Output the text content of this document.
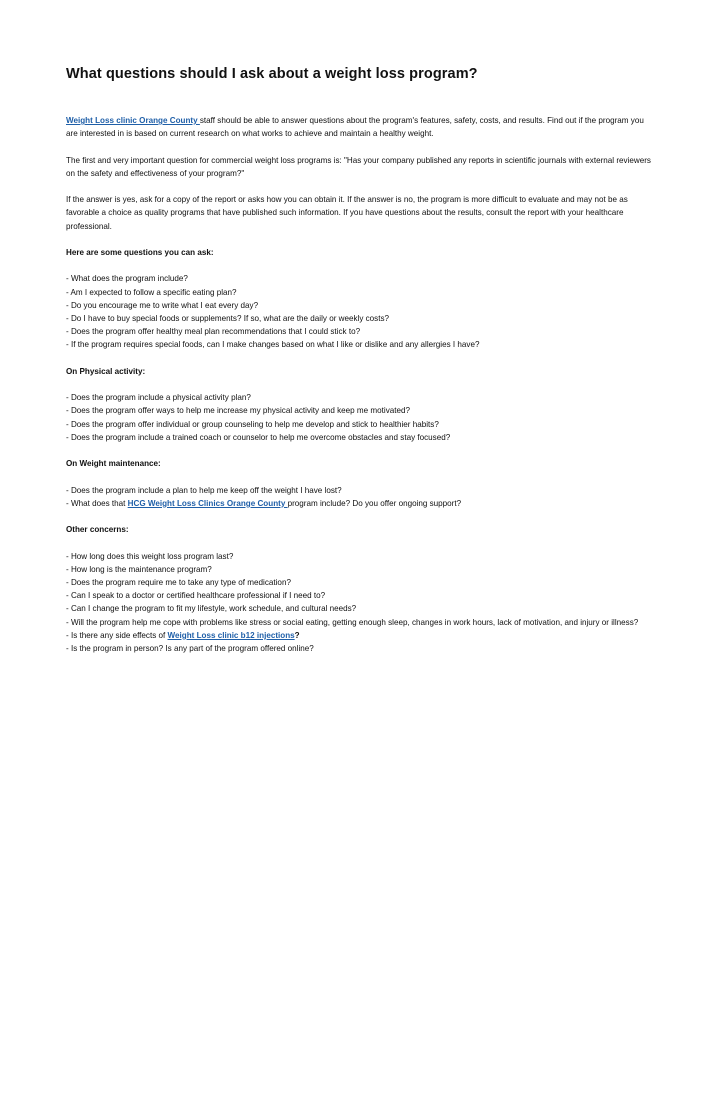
What questions should I ask about a weight loss program?

Weight Loss clinic Orange County staff should be able to answer questions about the program's features, safety, costs, and results. Find out if the program you are interested in is based on current research on what works to achieve and maintain a healthy weight.

The first and very important question for commercial weight loss programs is: "Has your company published any reports in scientific journals with external reviewers on the safety and effectiveness of your program?"

If the answer is yes, ask for a copy of the report or asks how you can obtain it. If the answer is no, the program is more difficult to evaluate and may not be as favorable a choice as quality programs that have published such information. If you have questions about the results, consult the report with your healthcare professional.

Here are some questions you can ask:

- What does the program include?

- Am I expected to follow a specific eating plan?

- Do you encourage me to write what I eat every day?

- Do I have to buy special foods or supplements? If so, what are the daily or weekly costs?

- Does the program offer healthy meal plan recommendations that I could stick to?

- If the program requires special foods, can I make changes based on what I like or dislike and any allergies I have?

On Physical activity:

- Does the program include a physical activity plan?

- Does the program offer ways to help me increase my physical activity and keep me motivated?

- Does the program offer individual or group counseling to help me develop and stick to healthier habits?

- Does the program include a trained coach or counselor to help me overcome obstacles and stay focused?

On Weight maintenance:

- Does the program include a plan to help me keep off the weight I have lost?

- What does that HCG Weight Loss Clinics Orange County program include? Do you offer ongoing support?

Other concerns:

- How long does this weight loss program last?

- How long is the maintenance program?

- Does the program require me to take any type of medication?

- Can I speak to a doctor or certified healthcare professional if I need to?

- Can I change the program to fit my lifestyle, work schedule, and cultural needs?

- Will the program help me cope with problems like stress or social eating, getting enough sleep, changes in work hours, lack of motivation, and injury or illness?

- Is there any side effects of Weight Loss clinic b12 injections?

- Is the program in person? Is any part of the program offered online?
